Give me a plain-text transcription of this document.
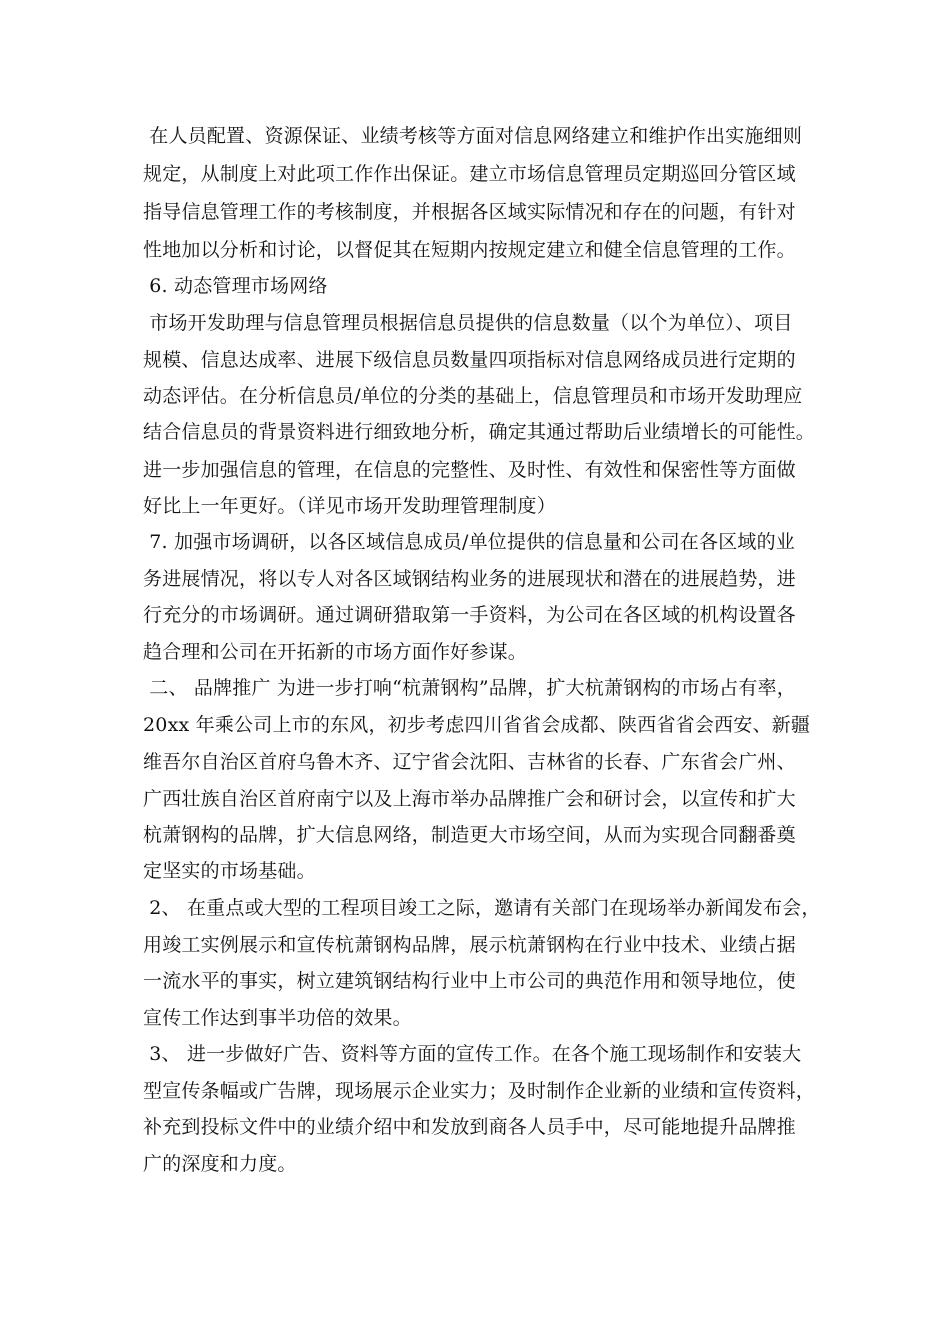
在人员配置、资源保证、业绩考核等方面对信息网络建立和维护作出实施细则
规定，从制度上对此项工作作出保证。建立市场信息管理员定期巡回分管区域
指导信息管理工作的考核制度，并根据各区域实际情况和存在的问题，有针对
性地加以分析和讨论，以督促其在短期内按规定建立和健全信息管理的工作。
6. 动态管理市场网络
市场开发助理与信息管理员根据信息员提供的信息数量（以个为单位）、项目
规模、信息达成率、进展下级信息员数量四项指标对信息网络成员进行定期的
动态评估。在分析信息员/单位的分类的基础上，信息管理员和市场开发助理应
结合信息员的背景资料进行细致地分析，确定其通过帮助后业绩增长的可能性。
进一步加强信息的管理，在信息的完整性、及时性、有效性和保密性等方面做
好比上一年更好。（详见市场开发助理管理制度）
7. 加强市场调研，以各区域信息成员/单位提供的信息量和公司在各区域的业
务进展情况，将以专人对各区域钢结构业务的进展现状和潜在的进展趋势，进
行充分的市场调研。通过调研猎取第一手资料，为公司在各区域的机构设置各
趋合理和公司在开拓新的市场方面作好参谋。
二、 品牌推广 为进一步打响“杭萧钢构”品牌，扩大杭萧钢构的市场占有率，
20xx 年乘公司上市的东风，初步考虑四川省省会成都、陕西省省会西安、新疆
维吾尔自治区首府乌鲁木齐、辽宁省会沈阳、吉林省的长春、广东省会广州、
广西壮族自治区首府南宁以及上海市举办品牌推广会和研讨会，以宣传和扩大
杭萧钢构的品牌，扩大信息网络，制造更大市场空间，从而为实现合同翻番奠
定坚实的市场基础。
2、 在重点或大型的工程项目竣工之际，邀请有关部门在现场举办新闻发布会，
用竣工实例展示和宣传杭萧钢构品牌，展示杭萧钢构在行业中技术、业绩占据
一流水平的事实，树立建筑钢结构行业中上市公司的典范作用和领导地位，使
宣传工作达到事半功倍的效果。
3、 进一步做好广告、资料等方面的宣传工作。在各个施工现场制作和安装大
型宣传条幅或广告牌，现场展示企业实力；及时制作企业新的业绩和宣传资料，
补充到投标文件中的业绩介绍中和发放到商各人员手中，尽可能地提升品牌推
广的深度和力度。
